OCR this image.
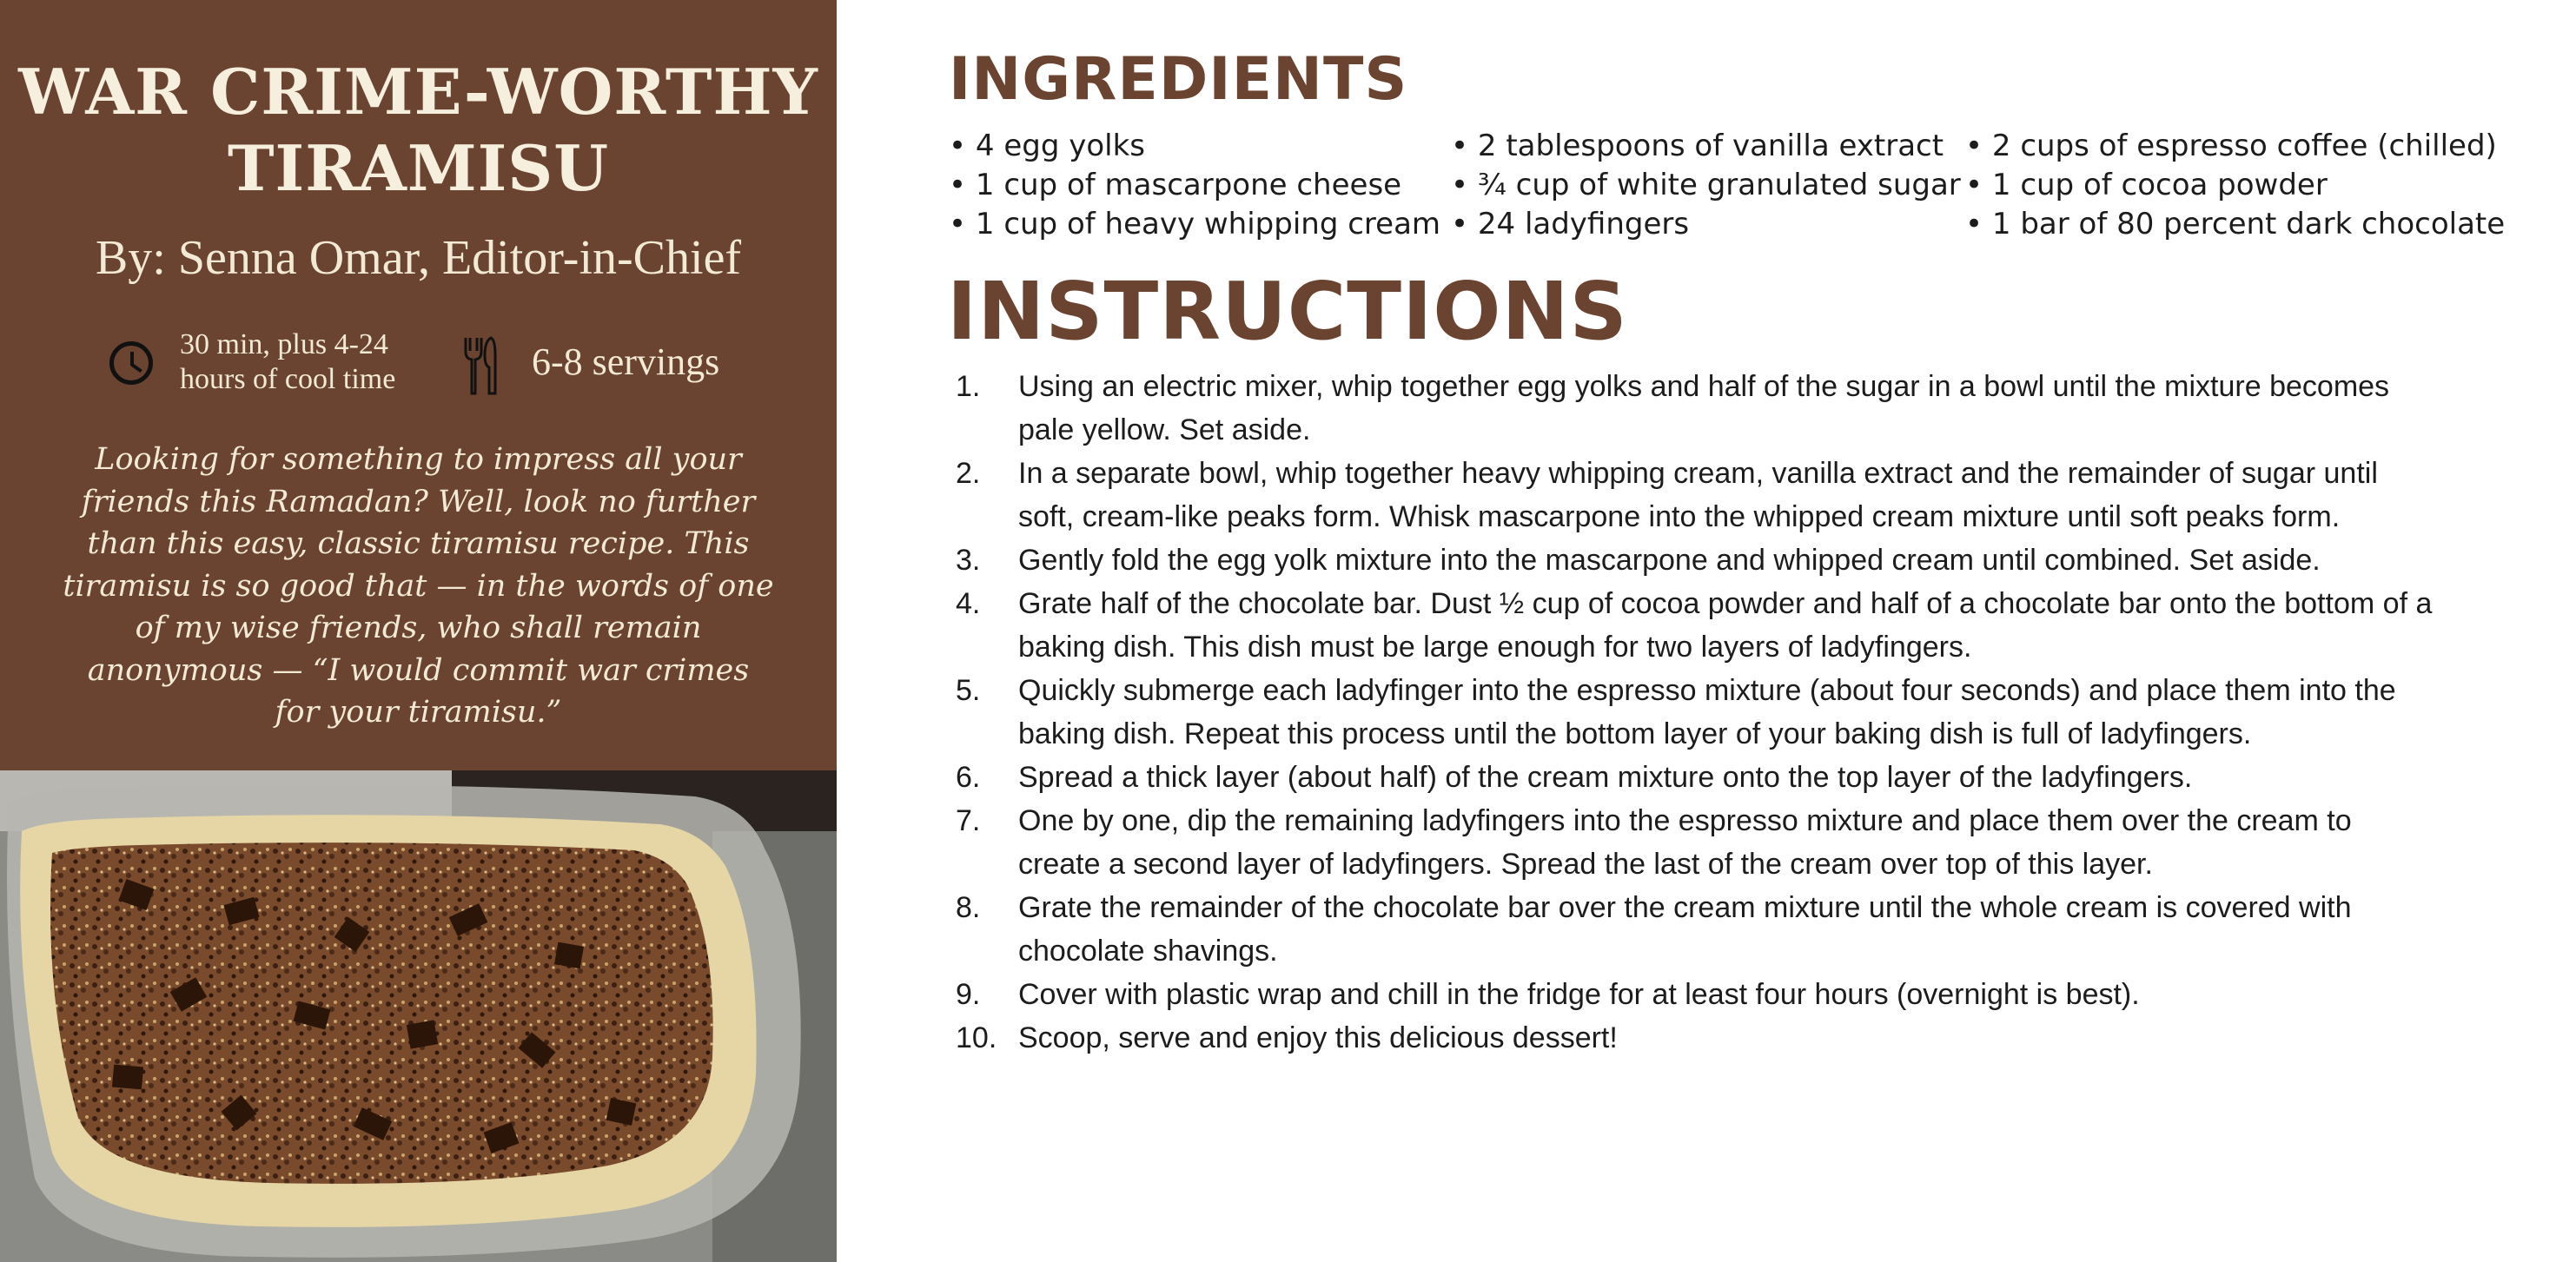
WAR CRIME-WORTHY TIRAMISU
By: Senna Omar, Editor-in-Chief
30 min, plus 4-24
hours of cool time	6-8 servings
Looking for something to impress all your friends this Ramadan? Well, look no further than this easy, classic tiramisu recipe. This tiramisu is so good that — in the words of one of my wise friends, who shall remain anonymous — “I would commit war crimes for your tiramisu.”
INGREDIENTS
• 4 egg yolks
• 1 cup of mascarpone cheese
• 1 cup of heavy whipping cream
• 2 tablespoons of vanilla extract
• ¾ cup of white granulated sugar
• 24 ladyfingers
• 2 cups of espresso coffee (chilled)
• 1 cup of cocoa powder
• 1 bar of 80 percent dark chocolate
INSTRUCTIONS
1.	Using an electric mixer, whip together egg yolks and half of the sugar in a bowl until the mixture becomes pale yellow. Set aside.
2.	In a separate bowl, whip together heavy whipping cream, vanilla extract and the remainder of sugar until soft, cream-like peaks form. Whisk mascarpone into the whipped cream mixture until soft peaks form.
3.	Gently fold the egg yolk mixture into the mascarpone and whipped cream until combined. Set aside.
4.	Grate half of the chocolate bar. Dust ½ cup of cocoa powder and half of a chocolate bar onto the bottom of a baking dish. This dish must be large enough for two layers of ladyfingers.
5.	Quickly submerge each ladyfinger into the espresso mixture (about four seconds) and place them into the baking dish. Repeat this process until the bottom layer of your baking dish is full of ladyfingers.
6.	Spread a thick layer (about half) of the cream mixture onto the top layer of the ladyfingers.
7.	One by one, dip the remaining ladyfingers into the espresso mixture and place them over the cream to create a second layer of ladyfingers. Spread the last of the cream over top of this layer.
8.	Grate the remainder of the chocolate bar over the cream mixture until the whole cream is covered with chocolate shavings.
9.	Cover with plastic wrap and chill in the fridge for at least four hours (overnight is best).
10. Scoop, serve and enjoy this delicious dessert!
